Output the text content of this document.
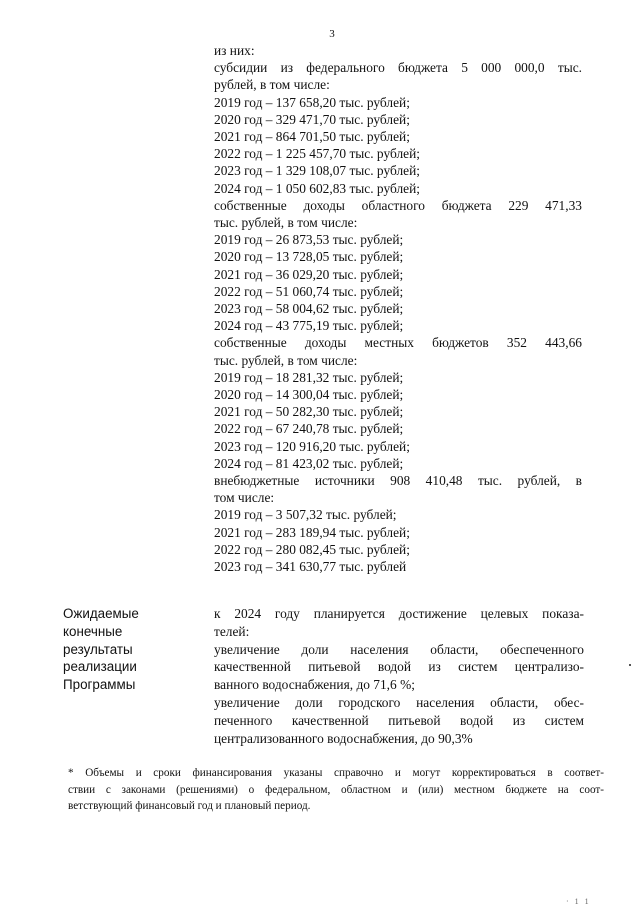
3
из них:
субсидии из федерального бюджета 5 000 000,0 тыс.
рублей, в том числе:
2019 год – 137 658,20 тыс. рублей;
2020 год – 329 471,70 тыс. рублей;
2021 год – 864 701,50 тыс. рублей;
2022 год – 1 225 457,70 тыс. рублей;
2023 год – 1 329 108,07 тыс. рублей;
2024 год – 1 050 602,83 тыс. рублей;
собственные доходы областного бюджета 229 471,33
тыс. рублей, в том числе:
2019 год – 26 873,53 тыс. рублей;
2020 год – 13 728,05 тыс. рублей;
2021 год – 36 029,20 тыс. рублей;
2022 год – 51 060,74 тыс. рублей;
2023 год – 58 004,62 тыс. рублей;
2024 год – 43 775,19 тыс. рублей;
собственные доходы местных бюджетов 352 443,66
тыс. рублей, в том числе:
2019 год – 18 281,32 тыс. рублей;
2020 год – 14 300,04 тыс. рублей;
2021 год – 50 282,30 тыс. рублей;
2022 год – 67 240,78 тыс. рублей;
2023 год – 120 916,20 тыс. рублей;
2024 год – 81 423,02 тыс. рублей;
внебюджетные источники 908 410,48 тыс. рублей, в
том числе:
2019 год – 3 507,32 тыс. рублей;
2021 год – 283 189,94 тыс. рублей;
2022 год – 280 082,45 тыс. рублей;
2023 год – 341 630,77 тыс. рублей
Ожидаемые
конечные
результаты
реализации
Программы
к 2024 году планируется достижение целевых показа-
телей:
увеличение доли населения области, обеспеченного
качественной питьевой водой из систем централизо-
ванного водоснабжения, до 71,6 %;
увеличение доли городского населения области, обес-
печенного качественной питьевой водой из систем
централизованного водоснабжения, до 90,3%
* Объемы и сроки финансирования указаны справочно и могут корректироваться в соответ-
ствии с законами (решениями) о федеральном, областном и (или) местном бюджете на соот-
ветствующий финансовый год и плановый период.
· 1 1
